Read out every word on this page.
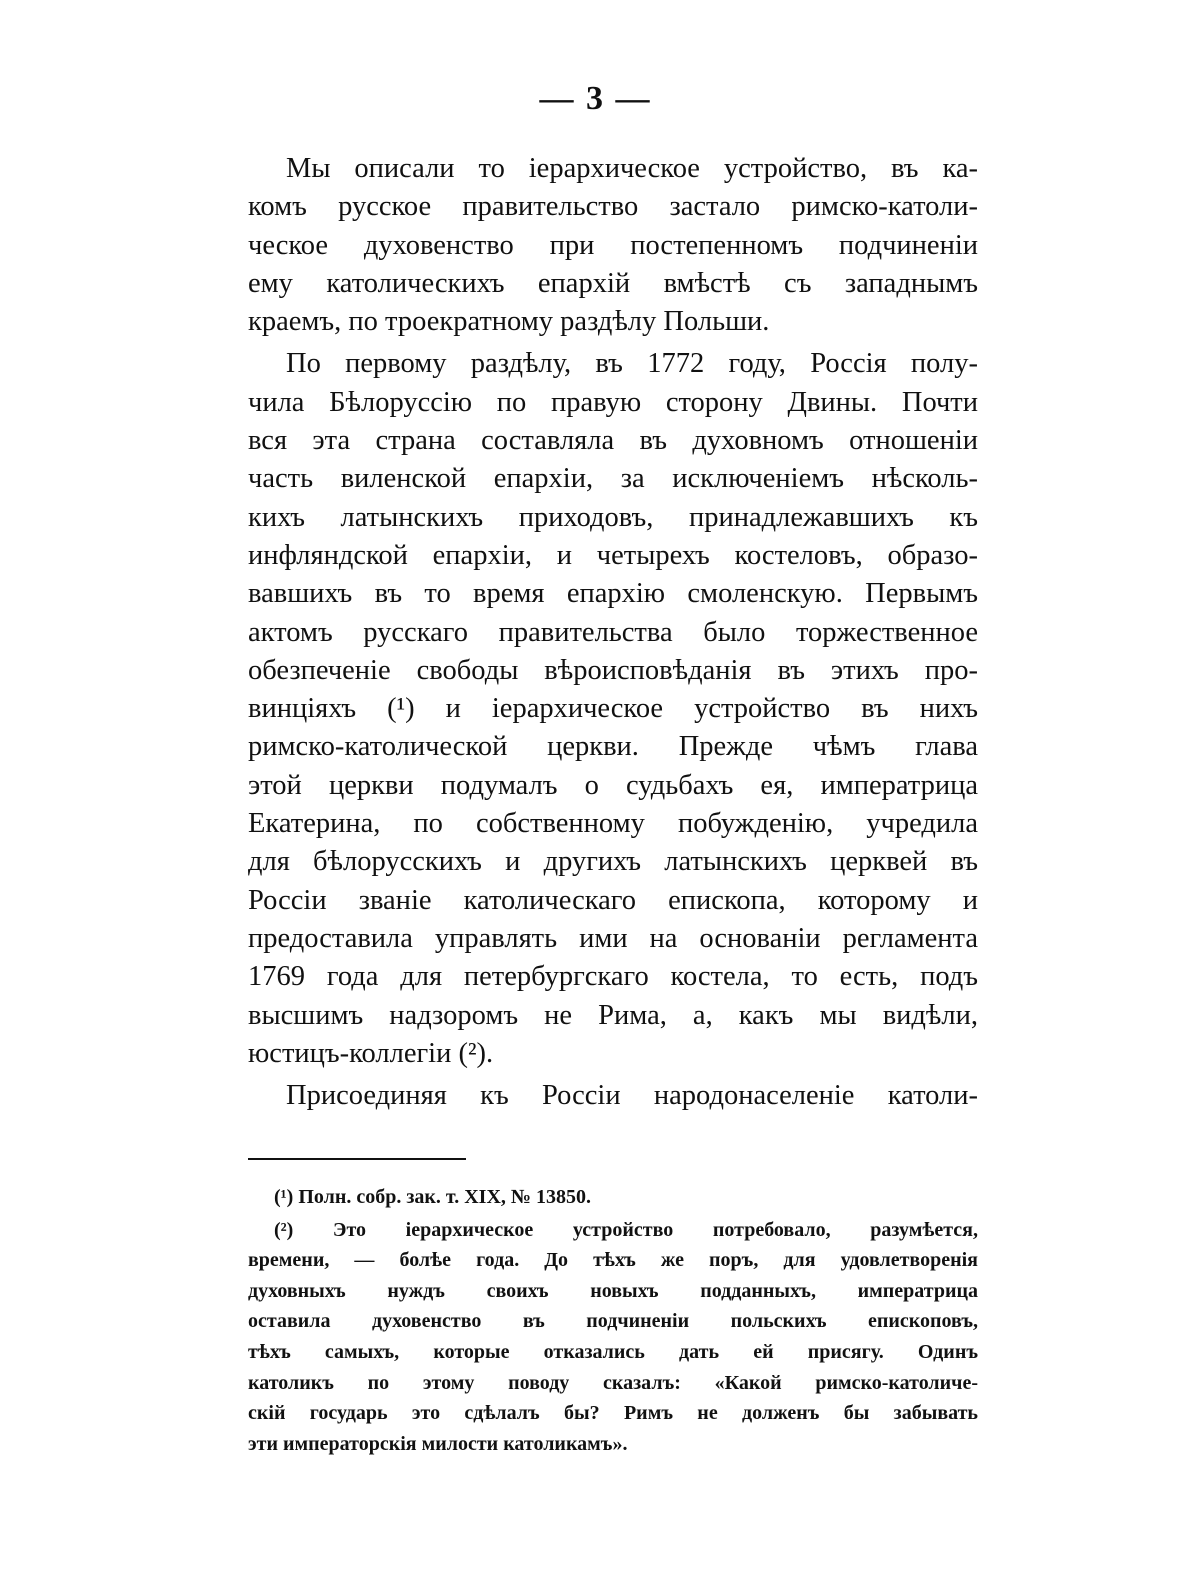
— 3 —
Мы описали то iерархическое устройство, въ ка-
комъ русское правительство застало римско-католи-
ческое духовенство при постепенномъ подчиненiи
ему католическихъ епархiй вмѣстѣ съ западнымъ
краемъ, по троекратному раздѣлу Польши.
По первому раздѣлу, въ 1772 году, Россiя полу-
чила Бѣлоруссiю по правую сторону Двины. Почти
вся эта страна составляла въ духовномъ отношенiи
часть виленской епархiи, за исключенiемъ нѣсколь-
кихъ латынскихъ приходовъ, принадлежавшихъ къ
инфляндской епархiи, и четырехъ костеловъ, образо-
вавшихъ въ то время епархiю смоленскую. Первымъ
актомъ русскаго правительства было торжественное
обезпеченiе свободы вѣроисповѣданiя въ этихъ про-
винцiяхъ (¹) и iерархическое устройство въ нихъ
римско-католической церкви. Прежде чѣмъ глава
этой церкви подумалъ о судьбахъ ея, императрица
Екатерина, по собственному побужденiю, учредила
для бѣлорусскихъ и другихъ латынскихъ церквей въ
Россiи званiе католическаго епископа, которому и
предоставила управлять ими на основанiи регламента
1769 года для петербургскаго костела, то есть, подъ
высшимъ надзоромъ не Рима, а, какъ мы видѣли,
юстицъ-коллегiи (²).
Присоединяя къ Россiи народонаселенiе католи-
(¹) Полн. собр. зак. т. XIX, № 13850.
(²) Это iерархическое устройство потребовало, разумѣется,
времени, — болѣе года. До тѣхъ же поръ, для удовлетворенiя
духовныхъ нуждъ своихъ новыхъ подданныхъ, императрица
оставила духовенство въ подчиненiи польскихъ епископовъ,
тѣхъ самыхъ, которые отказались дать ей присягу. Одинъ
католикъ по этому поводу сказалъ: «Какой римско-католиче-
скiй государь это сдѣлалъ бы? Римъ не долженъ бы забывать
эти императорскiя милости католикамъ».
